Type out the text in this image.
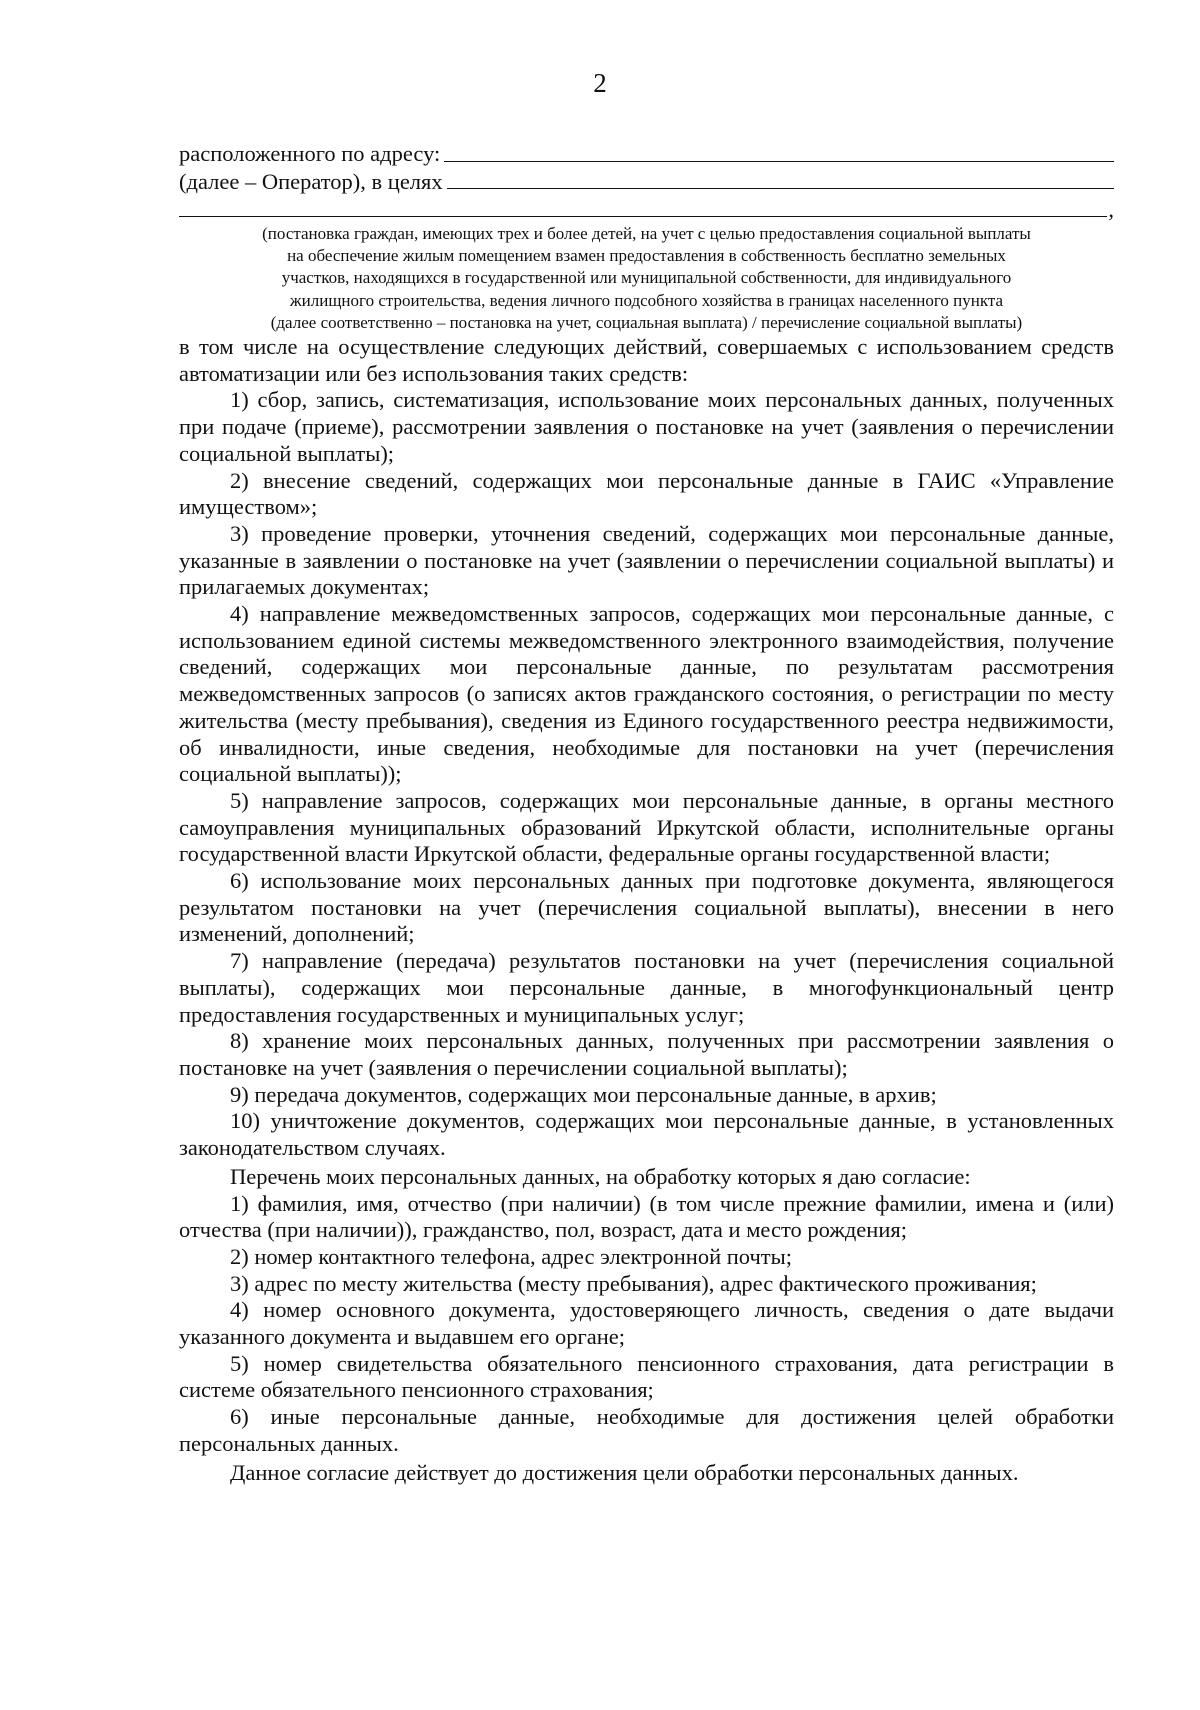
2
расположенного по адресу:
(далее – Оператор), в целях
,
(постановка граждан, имеющих трех и более детей, на учет с целью предоставления социальной выплаты
на обеспечение жилым помещением взамен предоставления в собственность бесплатно земельных
участков, находящихся в государственной или муниципальной собственности, для индивидуального
жилищного строительства, ведения личного подсобного хозяйства в границах населенного пункта
(далее соответственно – постановка на учет, социальная выплата) / перечисление социальной выплаты)

в том числе на осуществление следующих действий, совершаемых с использованием средств автоматизации или без использования таких средств:

1) сбор, запись, систематизация, использование моих персональных данных, полученных при подаче (приеме), рассмотрении заявления о постановке на учет (заявления о перечислении социальной выплаты);

2) внесение сведений, содержащих мои персональные данные в ГАИС «Управление имуществом»;

3) проведение проверки, уточнения сведений, содержащих мои персональные данные, указанные в заявлении о постановке на учет (заявлении о перечислении социальной выплаты) и прилагаемых документах;

4) направление межведомственных запросов, содержащих мои персональные данные, с использованием единой системы межведомственного электронного взаимодействия, получение сведений, содержащих мои персональные данные, по результатам рассмотрения межведомственных запросов (о записях актов гражданского состояния, о регистрации по месту жительства (месту пребывания), сведения из Единого государственного реестра недвижимости, об инвалидности, иные сведения, необходимые для постановки на учет (перечисления социальной выплаты));

5) направление запросов, содержащих мои персональные данные, в органы местного самоуправления муниципальных образований Иркутской области, исполнительные органы государственной власти Иркутской области, федеральные органы государственной власти;

6) использование моих персональных данных при подготовке документа, являющегося результатом постановки на учет (перечисления социальной выплаты), внесении в него изменений, дополнений;

7) направление (передача) результатов постановки на учет (перечисления социальной выплаты), содержащих мои персональные данные, в многофункциональный центр предоставления государственных и муниципальных услуг;

8) хранение моих персональных данных, полученных при рассмотрении заявления о постановке на учет (заявления о перечислении социальной выплаты);

9) передача документов, содержащих мои персональные данные, в архив;

10) уничтожение документов, содержащих мои персональные данные, в установленных законодательством случаях.

Перечень моих персональных данных, на обработку которых я даю согласие:

1) фамилия, имя, отчество (при наличии) (в том числе прежние фамилии, имена и (или) отчества (при наличии)), гражданство, пол, возраст, дата и место рождения;

2) номер контактного телефона, адрес электронной почты;

3) адрес по месту жительства (месту пребывания), адрес фактического проживания;

4) номер основного документа, удостоверяющего личность, сведения о дате выдачи указанного документа и выдавшем его органе;

5) номер свидетельства обязательного пенсионного страхования, дата регистрации в системе обязательного пенсионного страхования;

6) иные персональные данные, необходимые для достижения целей обработки персональных данных.

Данное согласие действует до достижения цели обработки персональных данных.
